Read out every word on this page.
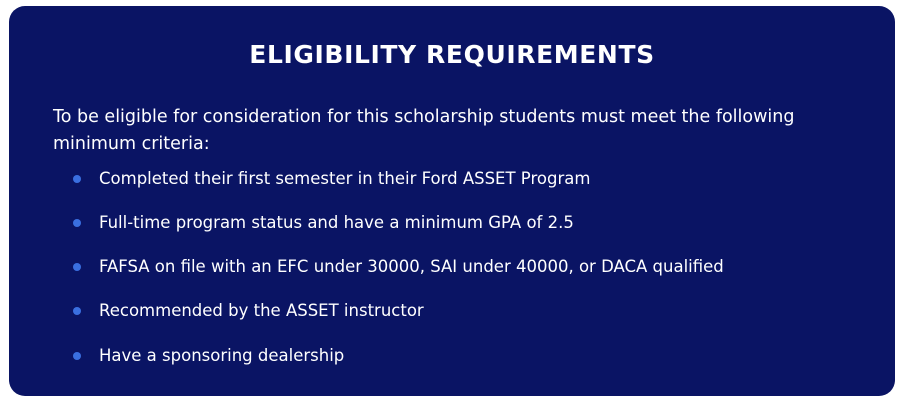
ELIGIBILITY REQUIREMENTS

To be eligible for consideration for this scholarship students must meet the following minimum criteria:

Completed their first semester in their Ford ASSET Program
Full-time program status and have a minimum GPA of 2.5
FAFSA on file with an EFC under 30000, SAI under 40000, or DACA qualified
Recommended by the ASSET instructor
Have a sponsoring dealership
